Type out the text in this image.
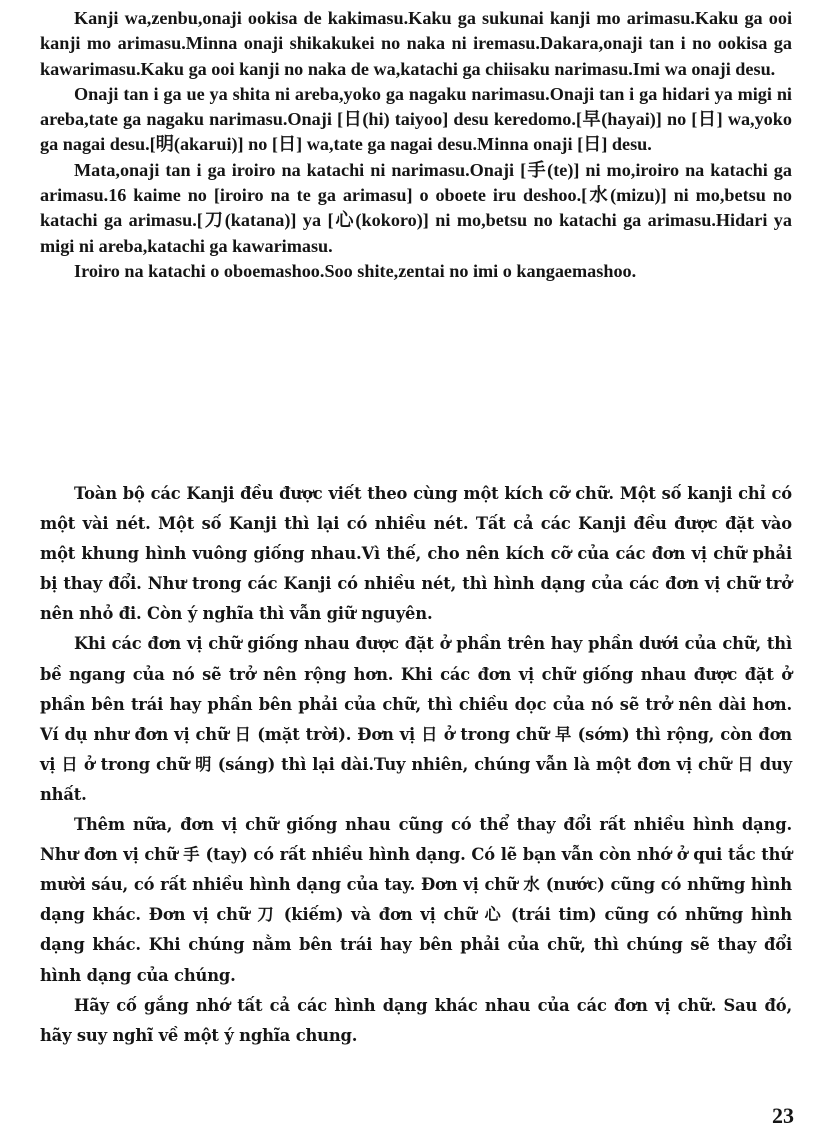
Kanji wa,zenbu,onaji ookisa de kakimasu.Kaku ga sukunai kanji mo arimasu.Kaku ga ooi kanji mo arimasu.Minna onaji shikakukei no naka ni iremasu.Dakara,onaji tan i no ookisa ga kawarimasu.Kaku ga ooi kanji no naka de wa,katachi ga chiisaku narimasu.Imi wa onaji desu.

Onaji tan i ga ue ya shita ni areba,yoko ga nagaku narimasu.Onaji tan i ga hidari ya migi ni areba,tate ga nagaku narimasu.Onaji [日(hi) taiyoo] desu keredomo.[早(hayai)] no [日] wa,yoko ga nagai desu.[明(akarui)] no [日] wa,tate ga nagai desu.Minna onaji [日] desu.

Mata,onaji tan i ga iroiro na katachi ni narimasu.Onaji [手(te)] ni mo,iroiro na katachi ga arimasu.16 kaime no [iroiro na te ga arimasu] o oboete iru deshoo.[水(mizu)] ni mo,betsu no katachi ga arimasu.[刀(katana)] ya [心(kokoro)] ni mo,betsu no katachi ga arimasu.Hidari ya migi ni areba,katachi ga kawarimasu.

Iroiro na katachi o oboemashoo.Soo shite,zentai no imi o kangaemashoo.

Toàn bộ các Kanji đều được viết theo cùng một kích cỡ chữ. Một số kanji chỉ có một vài nét. Một số Kanji thì lại có nhiều nét. Tất cả các Kanji đều được đặt vào một khung hình vuông giống nhau.Vì thế, cho nên kích cỡ của các đơn vị chữ phải bị thay đổi. Như trong các Kanji có nhiều nét, thì hình dạng của các đơn vị chữ trở nên nhỏ đi. Còn ý nghĩa thì vẫn giữ nguyên.

Khi các đơn vị chữ giống nhau được đặt ở phần trên hay phần dưới của chữ, thì bề ngang của nó sẽ trở nên rộng hơn. Khi các đơn vị chữ giống nhau được đặt ở phần bên trái hay phần bên phải của chữ, thì chiều dọc của nó sẽ trở nên dài hơn. Ví dụ như đơn vị chữ 日 (mặt trời). Đơn vị 日 ở trong chữ 早 (sớm) thì rộng, còn đơn vị 日 ở trong chữ 明 (sáng) thì lại dài.Tuy nhiên, chúng vẫn là một đơn vị chữ 日 duy nhất.

Thêm nữa, đơn vị chữ giống nhau cũng có thể thay đổi rất nhiều hình dạng. Như đơn vị chữ 手 (tay) có rất nhiều hình dạng. Có lẽ bạn vẫn còn nhớ ở qui tắc thứ mười sáu, có rất nhiều hình dạng của tay. Đơn vị chữ 水 (nước) cũng có những hình dạng khác. Đơn vị chữ 刀 (kiếm) và đơn vị chữ 心 (trái tim) cũng có những hình dạng khác. Khi chúng nằm bên trái hay bên phải của chữ, thì chúng sẽ thay đổi hình dạng của chúng.

Hãy cố gắng nhớ tất cả các hình dạng khác nhau của các đơn vị chữ. Sau đó, hãy suy nghĩ về một ý nghĩa chung.

23
